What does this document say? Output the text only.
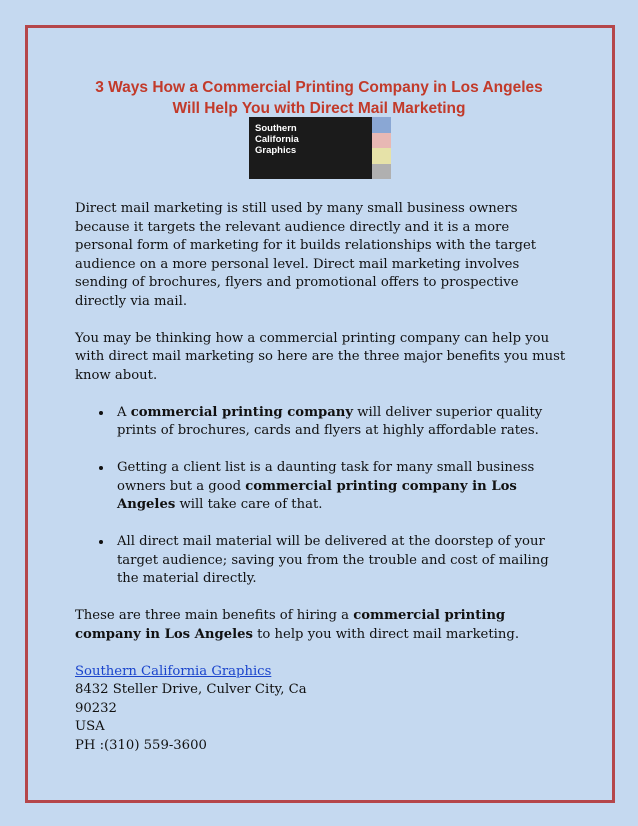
3 Ways How a Commercial Printing Company in Los Angeles
Will Help You with Direct Mail Marketing
Southern
California
Graphics

Direct mail marketing is still used by many small business owners because it targets the relevant audience directly and it is a more personal form of marketing for it builds relationships with the target audience on a more personal level. Direct mail marketing involves sending of brochures, flyers and promotional offers to prospective directly via mail.

You may be thinking how a commercial printing company can help you with direct mail marketing so here are the three major benefits you must know about.

• A commercial printing company will deliver superior quality prints of brochures, cards and flyers at highly affordable rates.
• Getting a client list is a daunting task for many small business owners but a good commercial printing company in Los Angeles will take care of that.
• All direct mail material will be delivered at the doorstep of your target audience; saving you from the trouble and cost of mailing the material directly.

These are three main benefits of hiring a commercial printing company in Los Angeles to help you with direct mail marketing.

Southern California Graphics
8432 Steller Drive, Culver City, Ca
90232
USA
PH :(310) 559-3600
